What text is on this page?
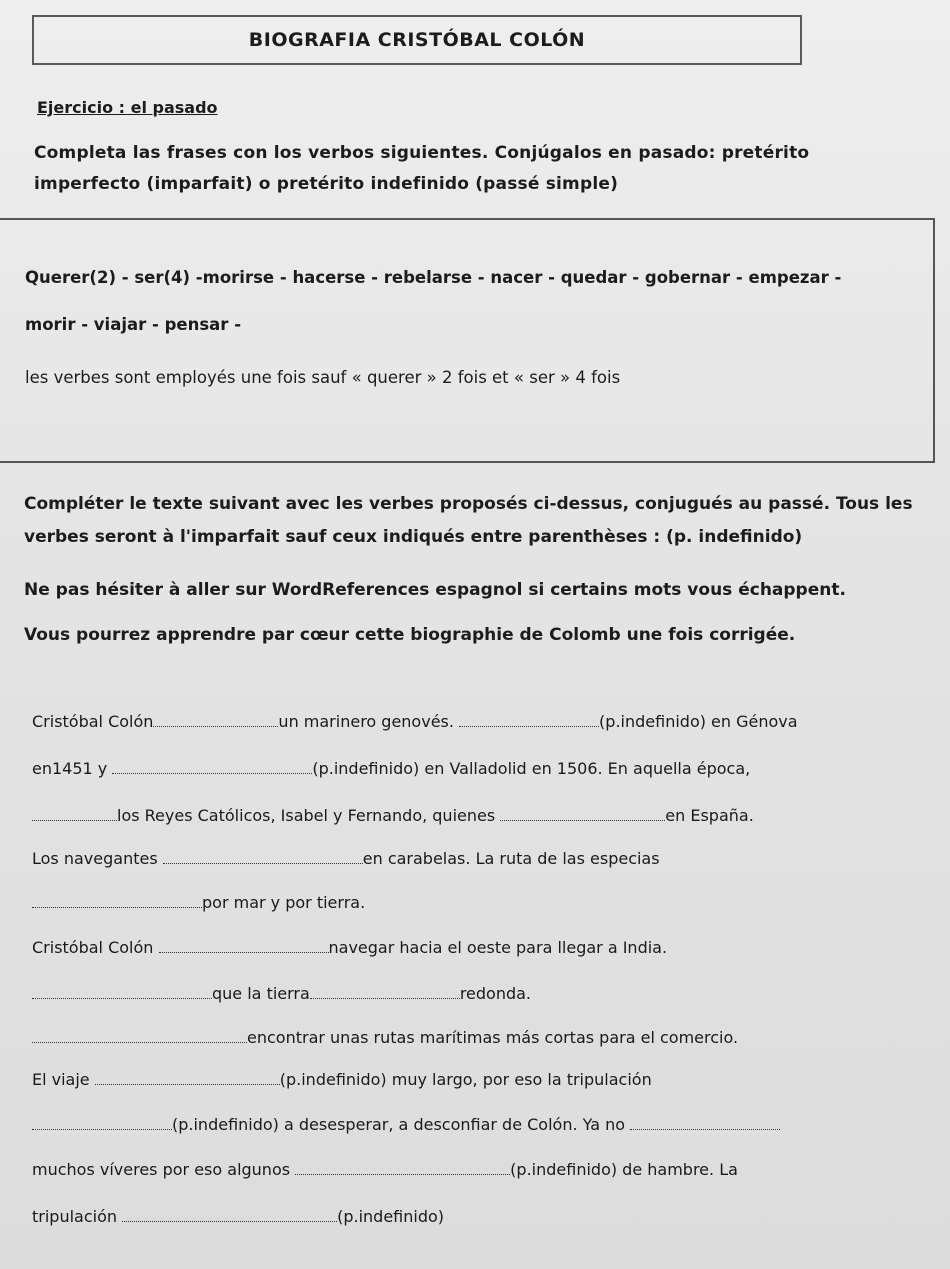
BIOGRAFIA CRISTÓBAL COLÓN
Ejercicio : el pasado
Completa las frases con los verbos siguientes. Conjúgalos en pasado: pretérito imperfecto (imparfait) o pretérito indefinido (passé simple)
Querer(2) - ser(4) -morirse - hacerse - rebelarse - nacer - quedar - gobernar - empezar -
morir - viajar - pensar -
les verbes sont employés une fois sauf « querer » 2 fois et « ser » 4 fois
Compléter le texte suivant avec les verbes proposés ci-dessus, conjugués au passé. Tous les verbes seront à l'imparfait sauf ceux indiqués entre parenthèses : (p. indefinido)
Ne pas hésiter à aller sur WordReferences espagnol si certains mots vous échappent.
Vous pourrez apprendre par cœur cette biographie de Colomb une fois corrigée.
Cristóbal Colón	un marinero genovés.	(p.indefinido) en Génova
en1451 y	(p.indefinido) en Valladolid en 1506. En aquella época,
los Reyes Católicos, Isabel y Fernando, quienes	en España.
Los navegantes	en carabelas. La ruta de las especias
por mar y por tierra.
Cristóbal Colón	navegar hacia el oeste para llegar a India.
que la tierra	redonda.
encontrar unas rutas marítimas más cortas para el comercio.
El viaje	(p.indefinido) muy largo, por eso la tripulación
(p.indefinido) a desesperar, a desconfiar de Colón. Ya no
muchos víveres por eso algunos	(p.indefinido) de hambre. La
tripulación	(p.indefinido)
